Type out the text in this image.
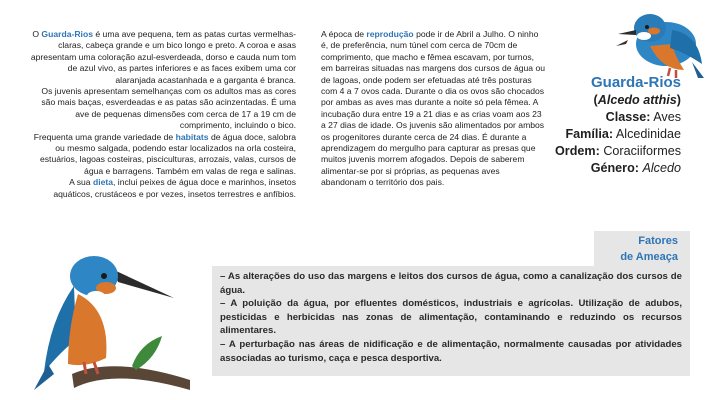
O Guarda-Rios é uma ave pequena, tem as patas curtas vermelhas-claras, cabeça grande e um bico longo e preto. A coroa e asas apresentam uma coloração azul-esverdeada, dorso e cauda num tom de azul vivo, as partes inferiores e as faces exibem uma cor alaranjada acastanhada e a garganta é branca.

Os juvenis apresentam semelhanças com os adultos mas as cores são mais baças, esverdeadas e as patas são acinzentadas. É uma ave de pequenas dimensões com cerca de 17 a 19 cm de comprimento, incluindo o bico.

Frequenta uma grande variedade de habitats de água doce, salobra ou mesmo salgada, podendo estar localizados na orla costeira, estuários, lagoas costeiras, pisciculturas, arrozais, valas, cursos de água e barragens. Também em valas de rega e salinas.

A sua dieta, inclui peixes de água doce e marinhos, insetos aquáticos, crustáceos e por vezes, insetos terrestres e anfíbios.

A época de reprodução pode ir de Abril a Julho. O ninho é, de preferência, num túnel com cerca de 70cm de comprimento, que macho e fêmea escavam, por turnos, em barreiras situadas nas margens dos cursos de água ou de lagoas, onde podem ser efetuadas até três posturas com 4 a 7 ovos cada. Durante o dia os ovos são chocados por ambas as aves mas durante a noite só pela fêmea. A incubação dura entre 19 a 21 dias e as crias voam aos 23 a 27 dias de idade. Os juvenis são alimentados por ambos os progenitores durante cerca de 24 dias. É durante a aprendizagem do mergulho para capturar as presas que muitos juvenis morrem afogados. Depois de saberem alimentar-se por si próprias, as pequenas aves abandonam o território dos pais.

Guarda-Rios
(Alcedo atthis)
Classe: Aves
Família: Alcedinidae
Ordem: Coraciiformes
Género: Alcedo
Fatores
de Ameaça

– As alterações do uso das margens e leitos dos cursos de água, como a canalização dos cursos de água.

– A poluição da água, por efluentes domésticos, industriais e agrícolas. Utilização de adubos, pesticidas e herbicidas nas zonas de alimentação, contaminando e reduzindo os recursos alimentares.

– A perturbação nas áreas de nidificação e de alimentação, normalmente causadas por atividades associadas ao turismo, caça e pesca desportiva.
